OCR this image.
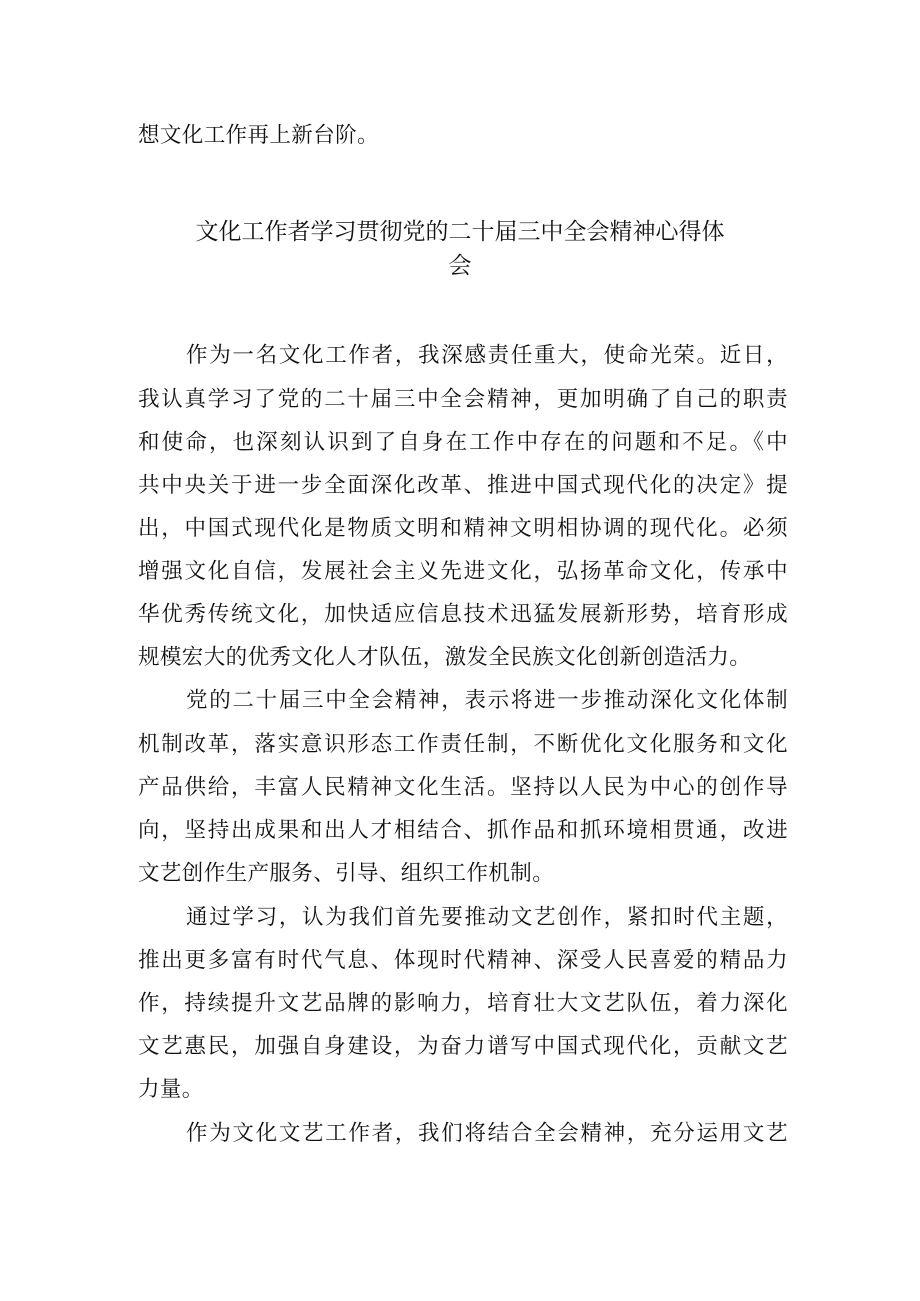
想文化工作再上新台阶。
文化工作者学习贯彻党的二十届三中全会精神心得体
会
作为一名文化工作者，我深感责任重大，使命光荣。近日，
我认真学习了党的二十届三中全会精神，更加明确了自己的职责
和使命，也深刻认识到了自身在工作中存在的问题和不足。《中
共中央关于进一步全面深化改革、推进中国式现代化的决定》提
出，中国式现代化是物质文明和精神文明相协调的现代化。必须
增强文化自信，发展社会主义先进文化，弘扬革命文化，传承中
华优秀传统文化，加快适应信息技术迅猛发展新形势，培育形成
规模宏大的优秀文化人才队伍，激发全民族文化创新创造活力。
党的二十届三中全会精神，表示将进一步推动深化文化体制
机制改革，落实意识形态工作责任制，不断优化文化服务和文化
产品供给，丰富人民精神文化生活。坚持以人民为中心的创作导
向，坚持出成果和出人才相结合、抓作品和抓环境相贯通，改进
文艺创作生产服务、引导、组织工作机制。
通过学习，认为我们首先要推动文艺创作，紧扣时代主题，
推出更多富有时代气息、体现时代精神、深受人民喜爱的精品力
作，持续提升文艺品牌的影响力，培育壮大文艺队伍，着力深化
文艺惠民，加强自身建设，为奋力谱写中国式现代化，贡献文艺
力量。
作为文化文艺工作者，我们将结合全会精神，充分运用文艺
